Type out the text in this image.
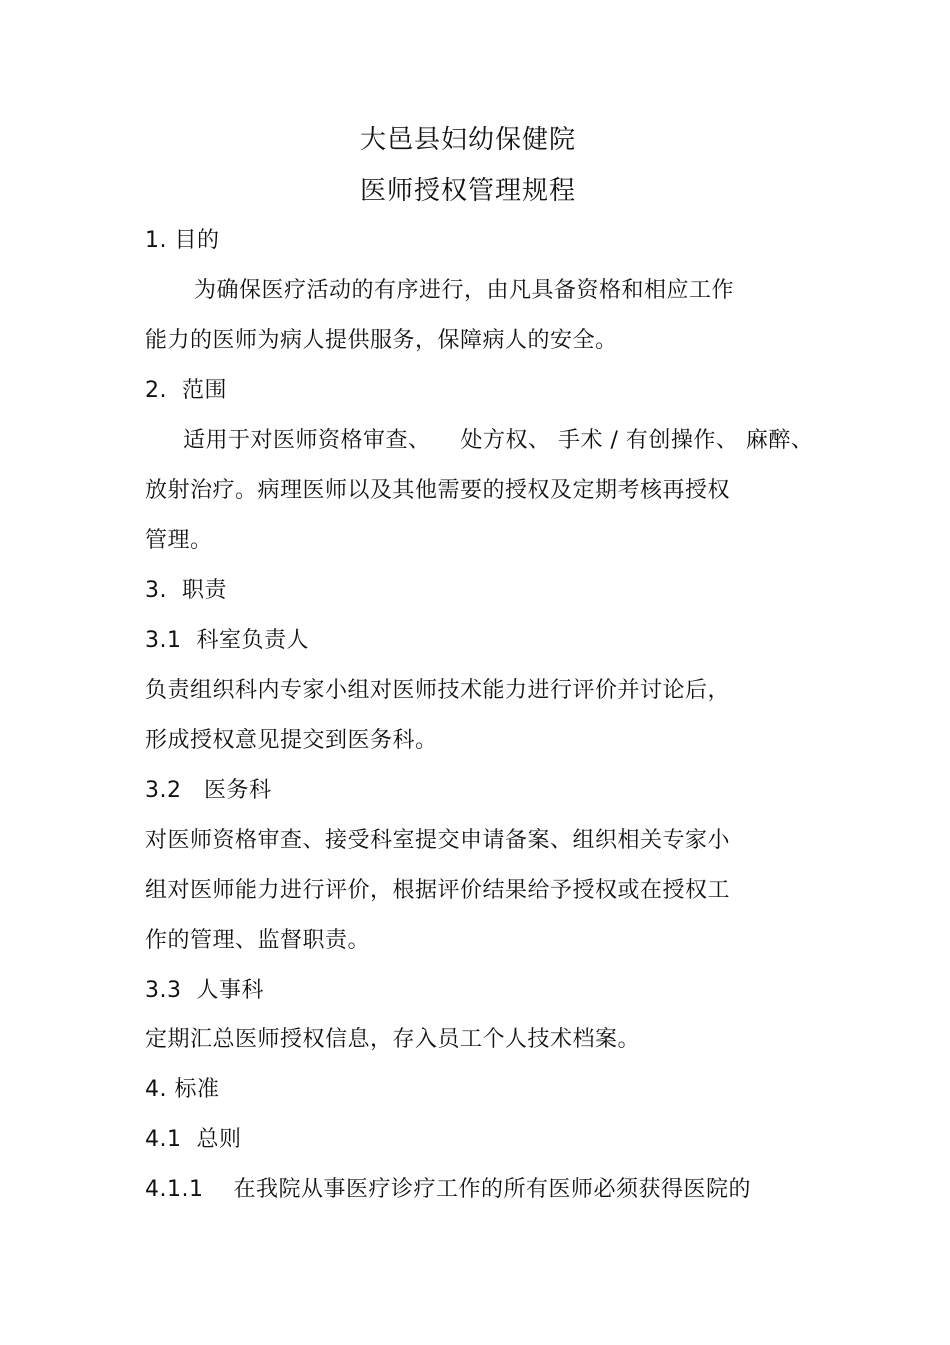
大邑县妇幼保健院
医师授权管理规程
1. 目的
为确保医疗活动的有序进行，由凡具备资格和相应工作
能力的医师为病人提供服务，保障病人的安全。
2.  范围
适用于对医师资格审查、    处方权、 手术 / 有创操作、 麻醉、
放射治疗。病理医师以及其他需要的授权及定期考核再授权
管理。
3.  职责
3.1  科室负责人
负责组织科内专家小组对医师技术能力进行评价并讨论后，
形成授权意见提交到医务科。
3.2   医务科
对医师资格审查、接受科室提交申请备案、组织相关专家小
组对医师能力进行评价，根据评价结果给予授权或在授权工
作的管理、监督职责。
3.3  人事科
定期汇总医师授权信息，存入员工个人技术档案。
4. 标准
4.1  总则
4.1.1    在我院从事医疗诊疗工作的所有医师必须获得医院的
